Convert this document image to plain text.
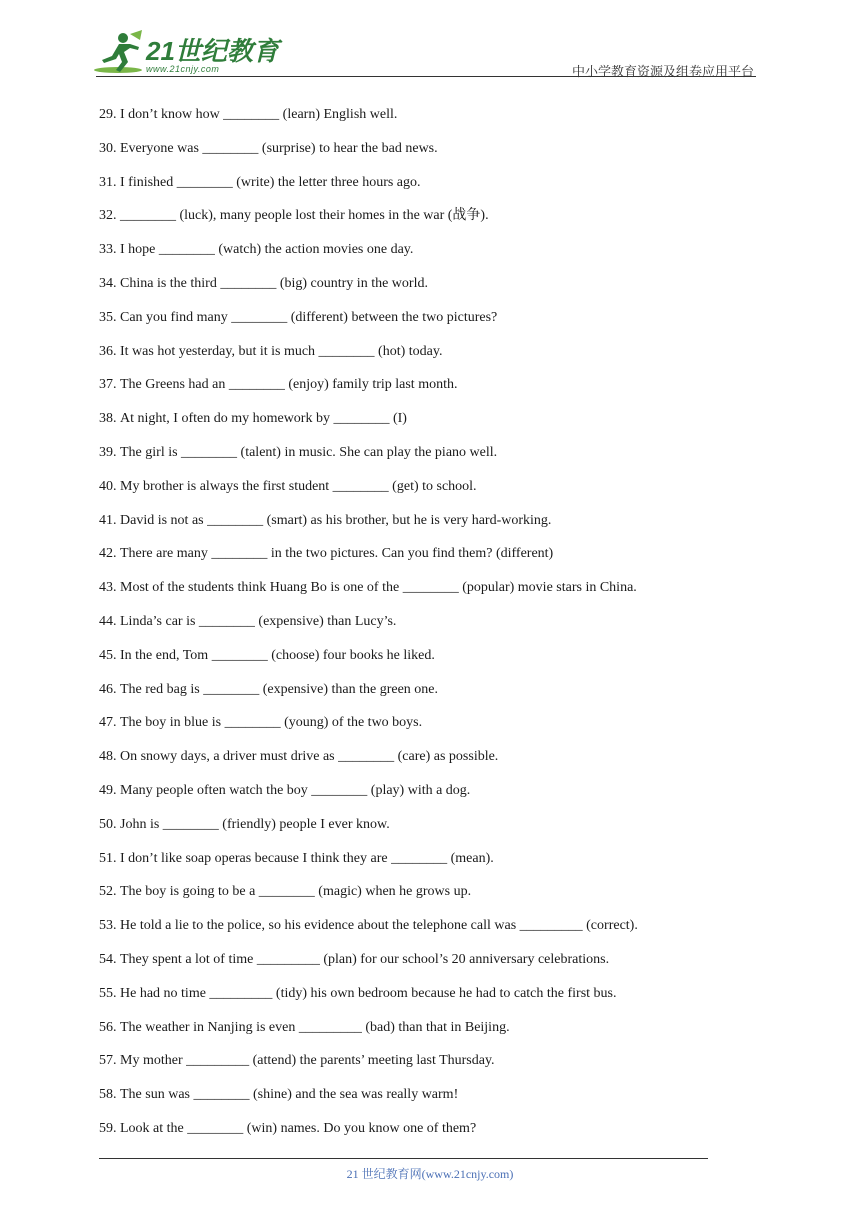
21世纪教育
www.21cnjy.com	中小学教育资源及组卷应用平台
29. I don’t know how ________ (learn) English well.
30. Everyone was ________ (surprise) to hear the bad news.
31. I finished ________ (write) the letter three hours ago.
32. ________ (luck), many people lost their homes in the war (战争).
33. I hope ________ (watch) the action movies one day.
34. China is the third ________ (big) country in the world.
35. Can you find many ________ (different) between the two pictures?
36. It was hot yesterday, but it is much ________ (hot) today.
37. The Greens had an ________ (enjoy) family trip last month.
38. At night, I often do my homework by ________ (I)
39. The girl is ________ (talent) in music. She can play the piano well.
40. My brother is always the first student ________ (get) to school.
41. David is not as ________ (smart) as his brother, but he is very hard-working.
42. There are many ________ in the two pictures. Can you find them? (different)
43. Most of the students think Huang Bo is one of the ________ (popular) movie stars in China.
44. Linda’s car is ________ (expensive) than Lucy’s.
45. In the end, Tom ________ (choose) four books he liked.
46. The red bag is ________ (expensive) than the green one.
47. The boy in blue is ________ (young) of the two boys.
48. On snowy days, a driver must drive as ________ (care) as possible.
49. Many people often watch the boy ________ (play) with a dog.
50. John is ________ (friendly) people I ever know.
51. I don’t like soap operas because I think they are ________ (mean).
52. The boy is going to be a ________ (magic) when he grows up.
53. He told a lie to the police, so his evidence about the telephone call was _________ (correct).
54. They spent a lot of time _________ (plan) for our school’s 20 anniversary celebrations.
55. He had no time _________ (tidy) his own bedroom because he had to catch the first bus.
56. The weather in Nanjing is even _________ (bad) than that in Beijing.
57. My mother _________ (attend) the parents’ meeting last Thursday.
58. The sun was ________ (shine) and the sea was really warm!
59. Look at the ________ (win) names. Do you know one of them?
21 世纪教育网(www.21cnjy.com)
